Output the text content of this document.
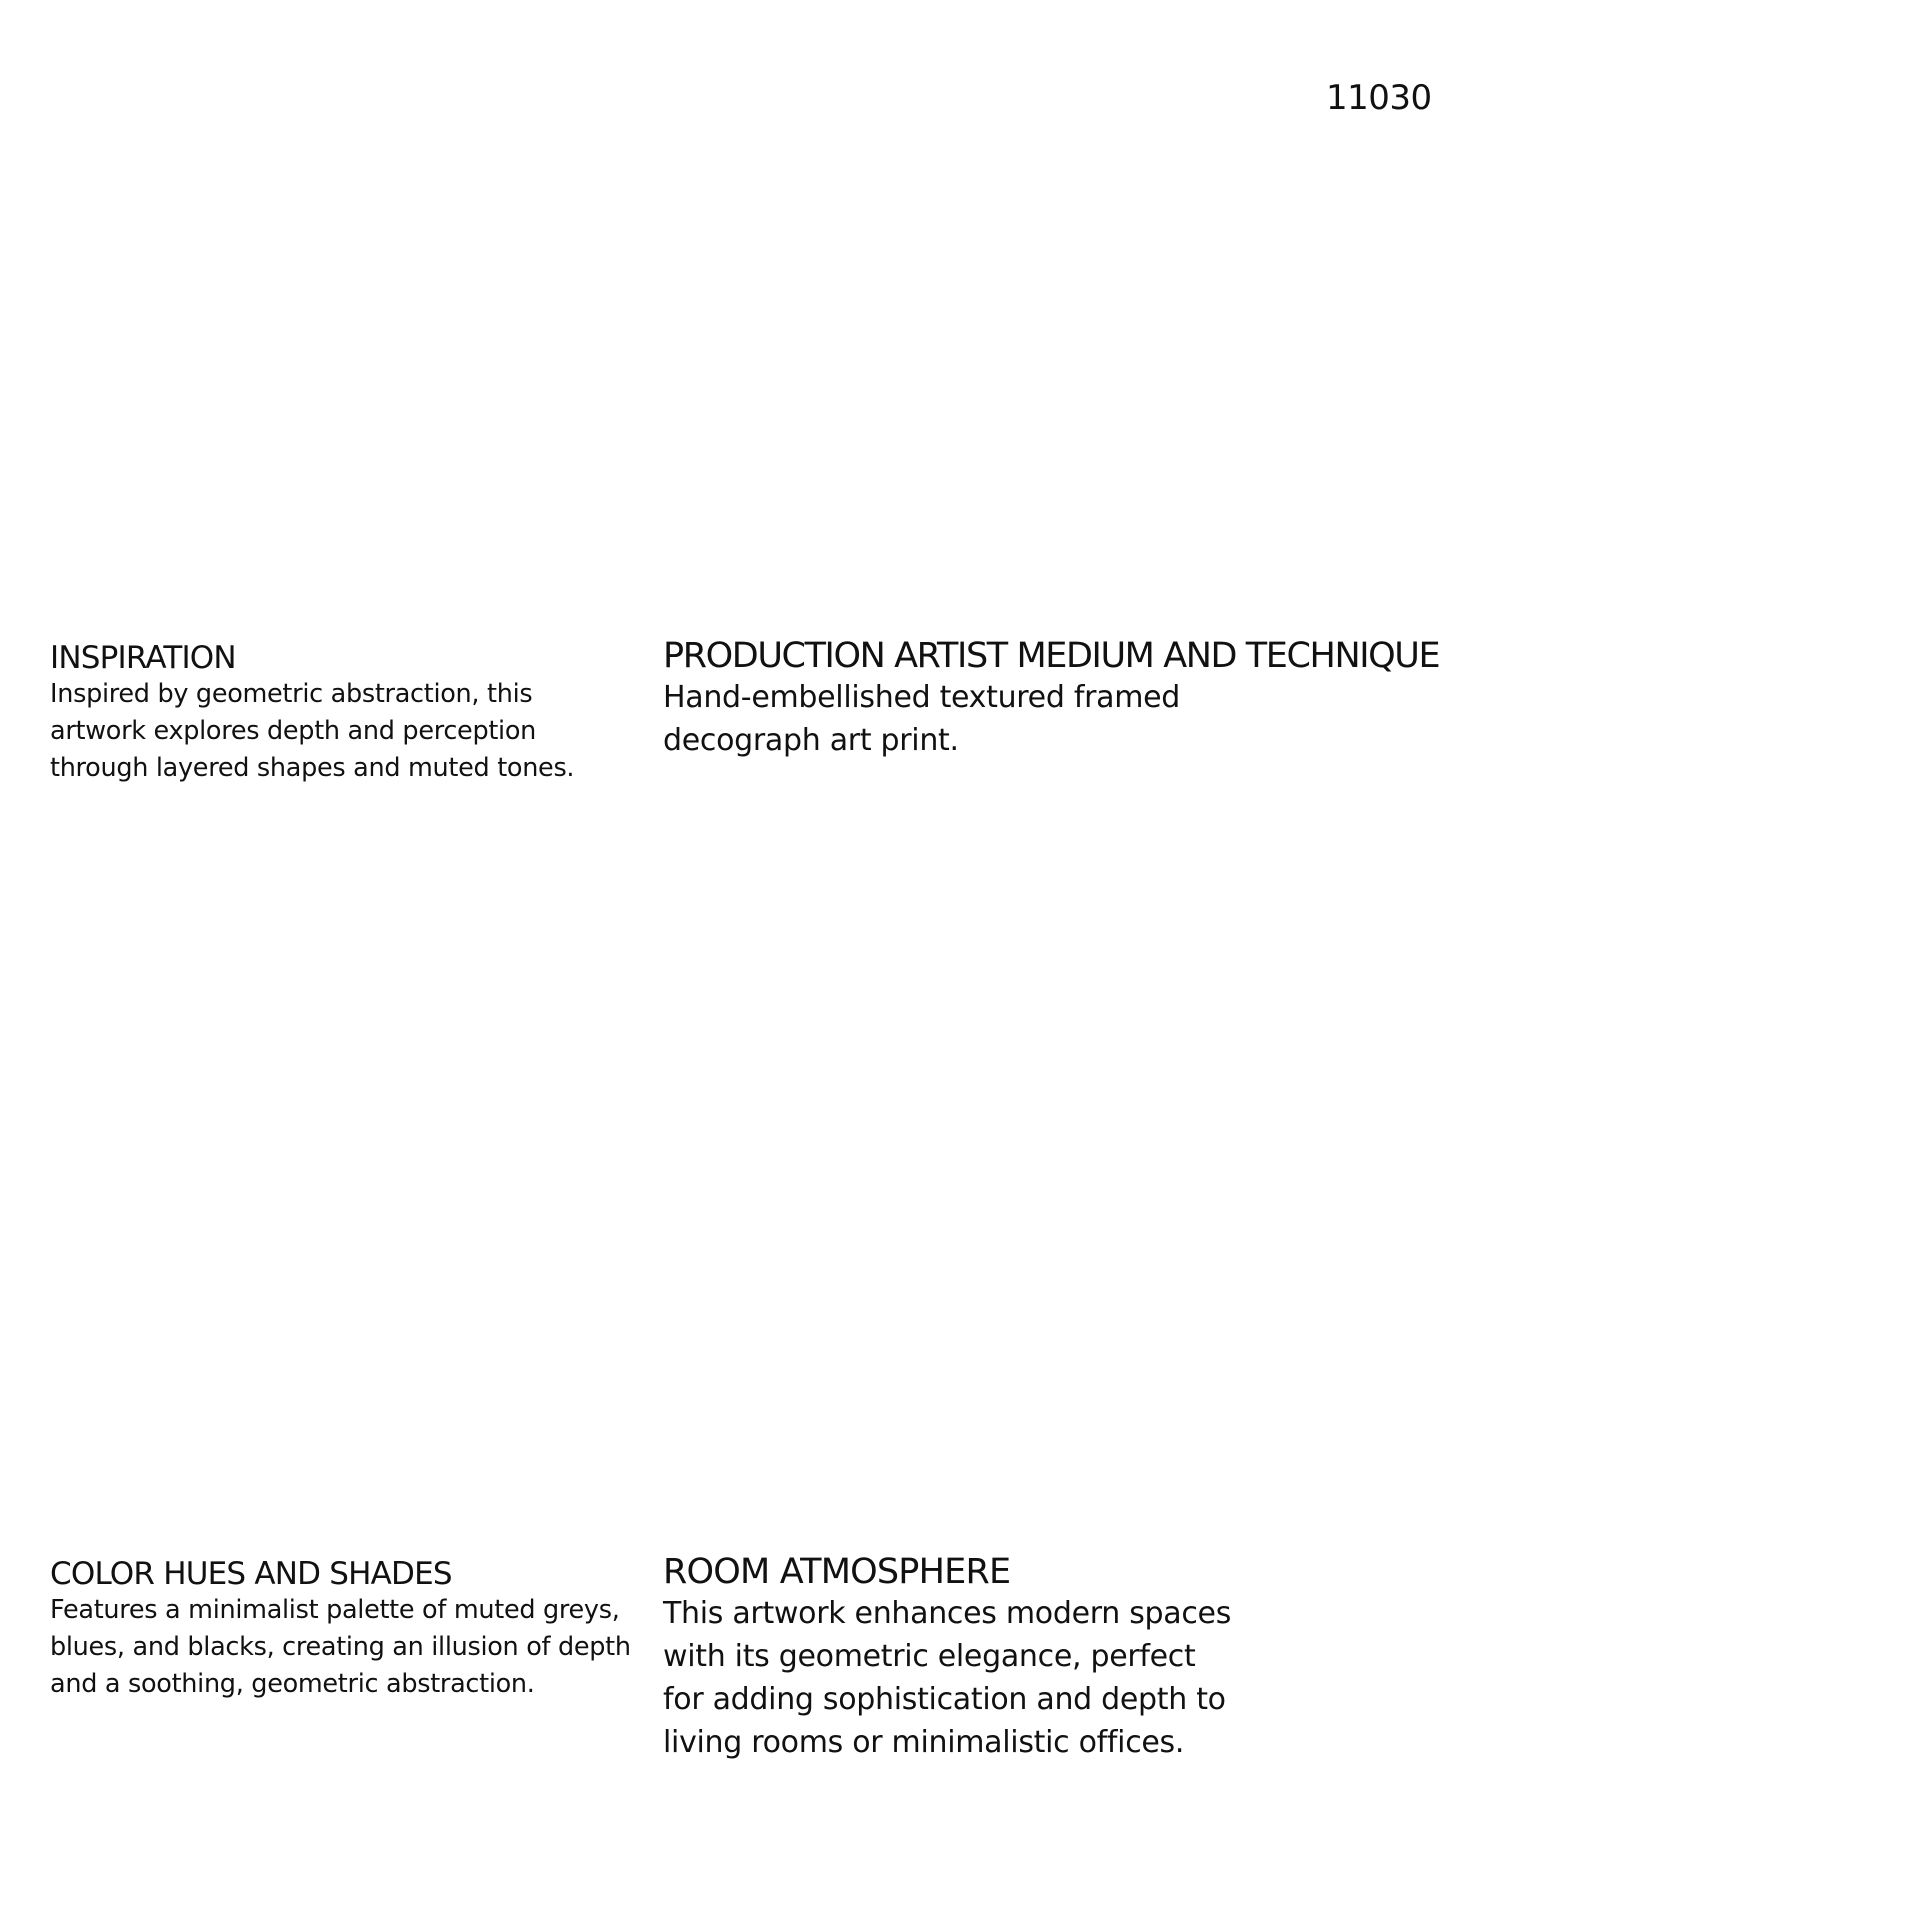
11030
INSPIRATION

Inspired by geometric abstraction, this artwork explores depth and perception through layered shapes and muted tones.

PRODUCTION ARTIST MEDIUM AND TECHNIQUE

Hand-embellished textured framed decograph art print.

COLOR HUES AND SHADES

Features a minimalist palette of muted greys, blues, and blacks, creating an illusion of depth and a soothing, geometric abstraction.

ROOM ATMOSPHERE

This artwork enhances modern spaces with its geometric elegance, perfect for adding sophistication and depth to living rooms or minimalistic offices.
